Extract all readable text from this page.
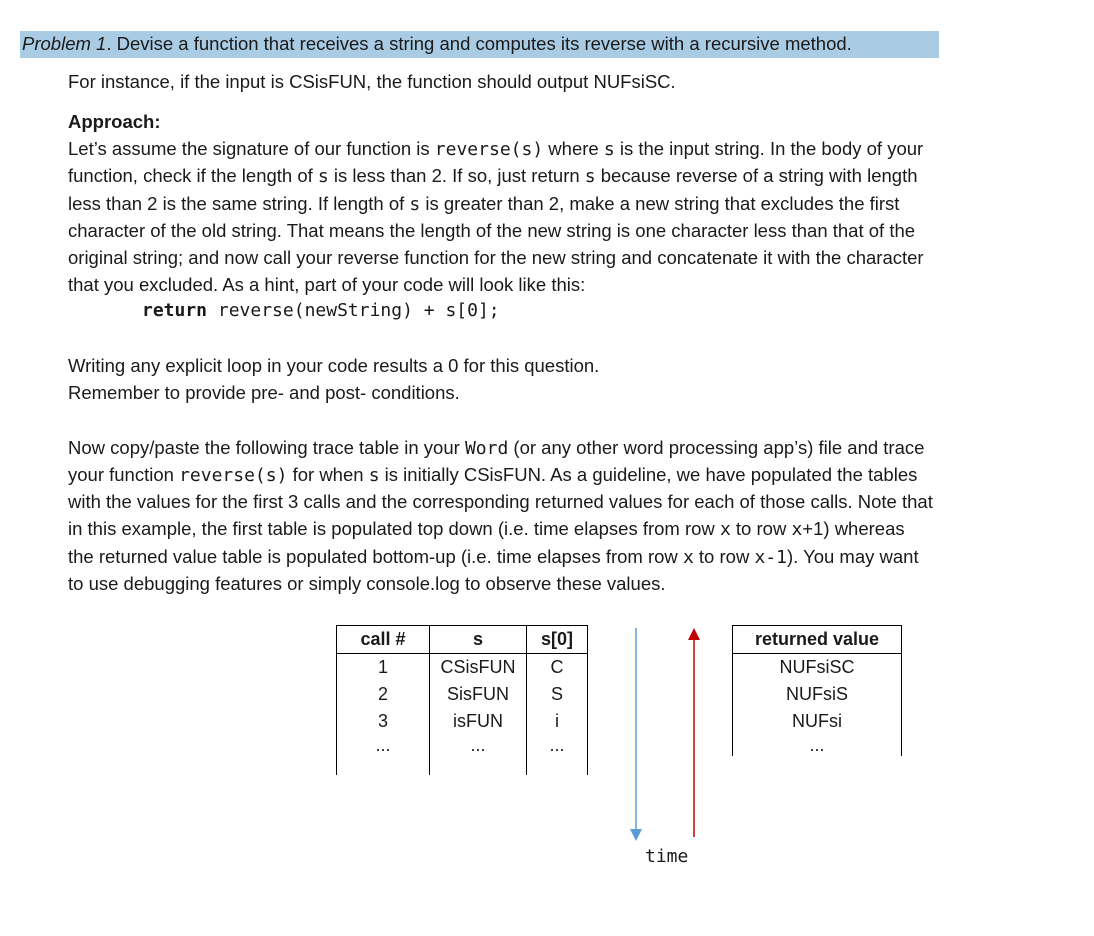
Problem 1. Devise a function that receives a string and computes its reverse with a recursive method.
For instance, if the input is CSisFUN, the function should output NUFsiSC.
Approach:
Let’s assume the signature of our function is reverse(s) where s is the input string. In the body of your
function, check if the length of s is less than 2. If so, just return s because reverse of a string with length
less than 2 is the same string. If length of s is greater than 2, make a new string that excludes the first
character of the old string. That means the length of the new string is one character less than that of the
original string; and now call your reverse function for the new string and concatenate it with the character
that you excluded. As a hint, part of your code will look like this:
return reverse(newString) + s[0];
Writing any explicit loop in your code results a 0 for this question.
Remember to provide pre- and post- conditions.
Now copy/paste the following trace table in your Word (or any other word processing app’s) file and trace
your function reverse(s) for when s is initially CSisFUN. As a guideline, we have populated the tables
with the values for the first 3 calls and the corresponding returned values for each of those calls. Note that
in this example, the first table is populated top down (i.e. time elapses from row x to row x+1) whereas
the returned value table is populated bottom-up (i.e. time elapses from row x to row x-1). You may want
to use debugging features or simply console.log to observe these values.
call #	s	s[0]
1	CSisFUN	C
2	SisFUN	S
3	isFUN	i
...	...	...
returned value
NUFsiSC
NUFsiS
NUFsi
...
time
